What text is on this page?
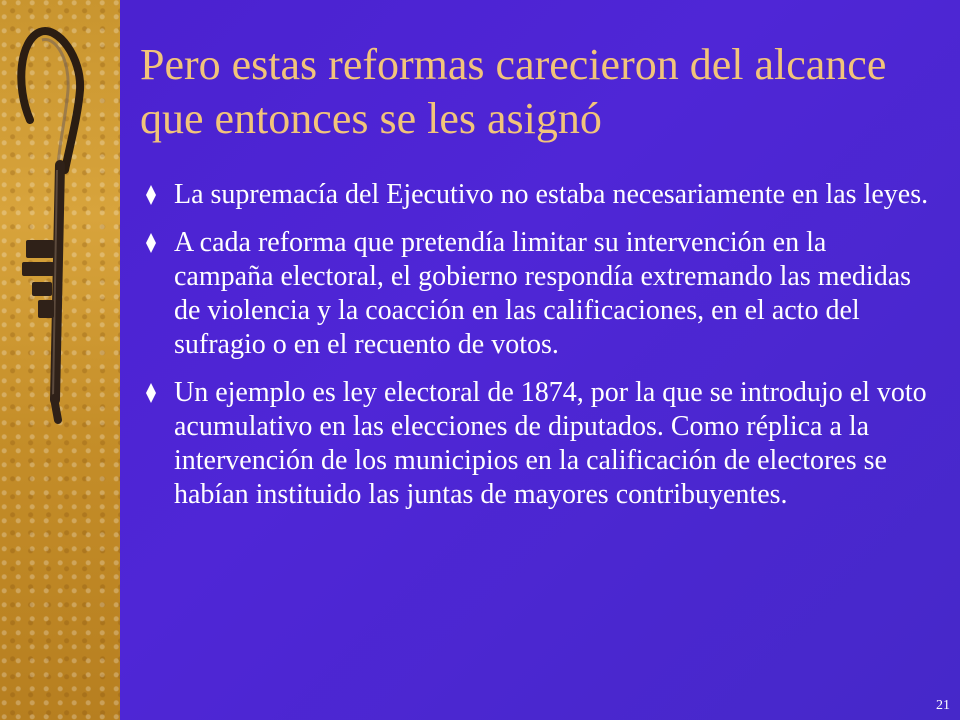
Pero estas reformas carecieron del alcance que entonces se les asignó
La supremacía del Ejecutivo no estaba necesariamente en las leyes.
A cada reforma que pretendía limitar su intervención en la campaña electoral, el gobierno respondía extremando las medidas de violencia y la coacción en las calificaciones, en el acto del sufragio o en el recuento de votos.
Un ejemplo es ley electoral de 1874, por la que se introdujo el voto acumulativo en las elecciones de diputados. Como réplica a la intervención de los municipios en la calificación de electores se habían instituido las juntas de mayores contribuyentes.
21
